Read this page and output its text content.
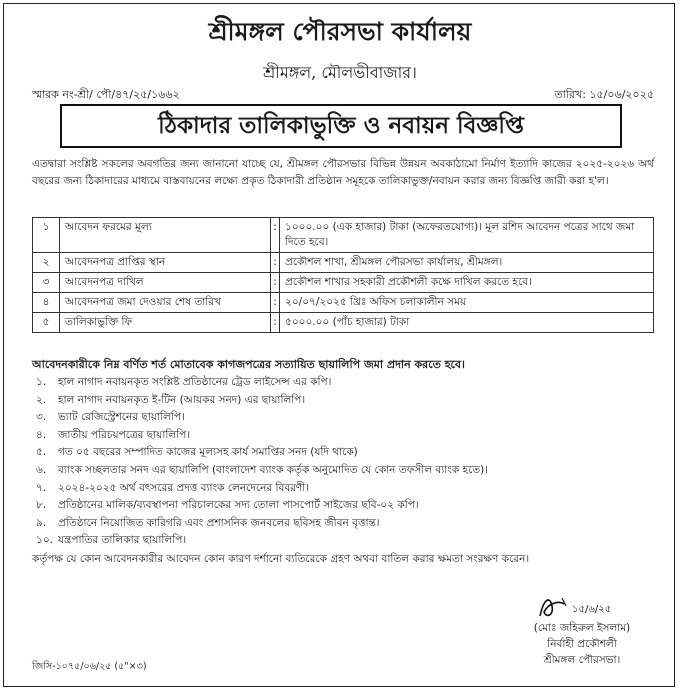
শ্রীমঙ্গল পৌরসভা কার্যালয়
শ্রীমঙ্গল, মৌলভীবাজার।
স্মারক নং-শ্রী/ পৌ/৪৭/২৫/১৬৬২	তারিখ: ১৫/০৬/২০২৫
ঠিকাদার তালিকাভুক্তি ও নবায়ন বিজ্ঞপ্তি
এতদ্বারা সংশ্লিষ্ট সকলের অবগতির জন্য জানানো যাচ্ছে যে, শ্রীমঙ্গল পৌরসভার বিভিন্ন উন্নয়ন অবকাঠামো নির্মাণ ইত্যাদি কাজের ২০২৫-২০২৬ অর্থ বছরের জন্য ঠিকাদারের মাধ্যমে বাস্তবায়নের লক্ষ্যে প্রকৃত ঠিকাদারী প্রতিষ্ঠান সমূহকে তালিকাভুক্ত/নবায়ন করার জন্য বিজ্ঞপ্তি জারী করা হ'ল।
১	আবেদন ফরমের মূল্য	:	১০০০.০০ (এক হাজার) টাকা (অফেরতযোগ্য)। মূল রশিদ আবেদন পত্রের সাথে জমা দিতে হবে।
২	আবেদনপত্র প্রাপ্তির স্থান	:	প্রকৌশল শাখা, শ্রীমঙ্গল পৌরসভা কার্যালয়, শ্রীমঙ্গল।
৩	আবেদনপত্র দাখিল	:	প্রকৌশল শাখার সহকারী প্রকৌশলী কক্ষে দাখিল করতে হবে।
৪	আবেদনপত্র জমা দেওয়ার শেষ তারিখ	:	২০/০৭/২০২৫ খ্রিঃ অফিস চলাকালীন সময়
৫	তালিকাভুক্তি ফি	:	৫০০০.০০ (পাঁচ হাজার) টাকা
আবেদনকারীকে নিম্ন বর্ণিত শর্ত মোতাবেক কাগজপত্রের সত্যায়িত ছায়ালিপি জমা প্রদান করতে হবে।
১. হাল নাগাদ নবায়নকৃত সংশ্লিষ্ট প্রতিষ্ঠানের ট্রেড লাইসেন্স এর কপি।
২. হাল নাগাদ নবায়নকৃত ই-টিন (আয়কর সনদ) এর ছায়ালিপি।
৩. ভ্যাট রেজিস্ট্রেশনের ছায়ালিপি।
৪. জাতীয় পরিচয়পত্রের ছায়ালিপি।
৫. গত ০৫ বছরের সম্পাদিত কাজের মূল্যসহ কার্য সমাপ্তির সনদ (যদি থাকে)
৬. ব্যাংক সচ্ছলতার সনদ এর ছায়ালিপি (বাংলাদেশ ব্যাংক কর্তৃক অনুমোদিত যে কোন তফসীল ব্যাংক হতে)।
৭. ২০২৪-২০২৫ অর্থ বৎসরের প্রদত্ত ব্যাংক লেনদেনের বিবরণী।
৮. প্রতিষ্ঠানের মালিক/ব্যবস্থাপনা পরিচালকের সদ্য তোলা পাসপোর্ট সাইজের ছবি-০২ কপি।
৯. প্রতিষ্ঠানে নিয়োজিত কারিগরি এবং প্রশাসনিক জনবলের ছবিসহ জীবন বৃত্তান্ত।
১০. যন্ত্রপাতির তালিকার ছায়ালিপি।
কর্তৃপক্ষ যে কোন আবেদনকারীর আবেদন কোন কারণ দর্শানো ব্যতিরেকে গ্রহণ অথবা বাতিল করার ক্ষমতা সংরক্ষণ করেন।
১৫/৬/২৫
(মোঃ জহিরুল ইসলাম)
নির্বাহী প্রকৌশলী
শ্রীমঙ্গল পৌরসভা।
জিসি-১০৭৫/০৬/২৫ (৫"×৩)
